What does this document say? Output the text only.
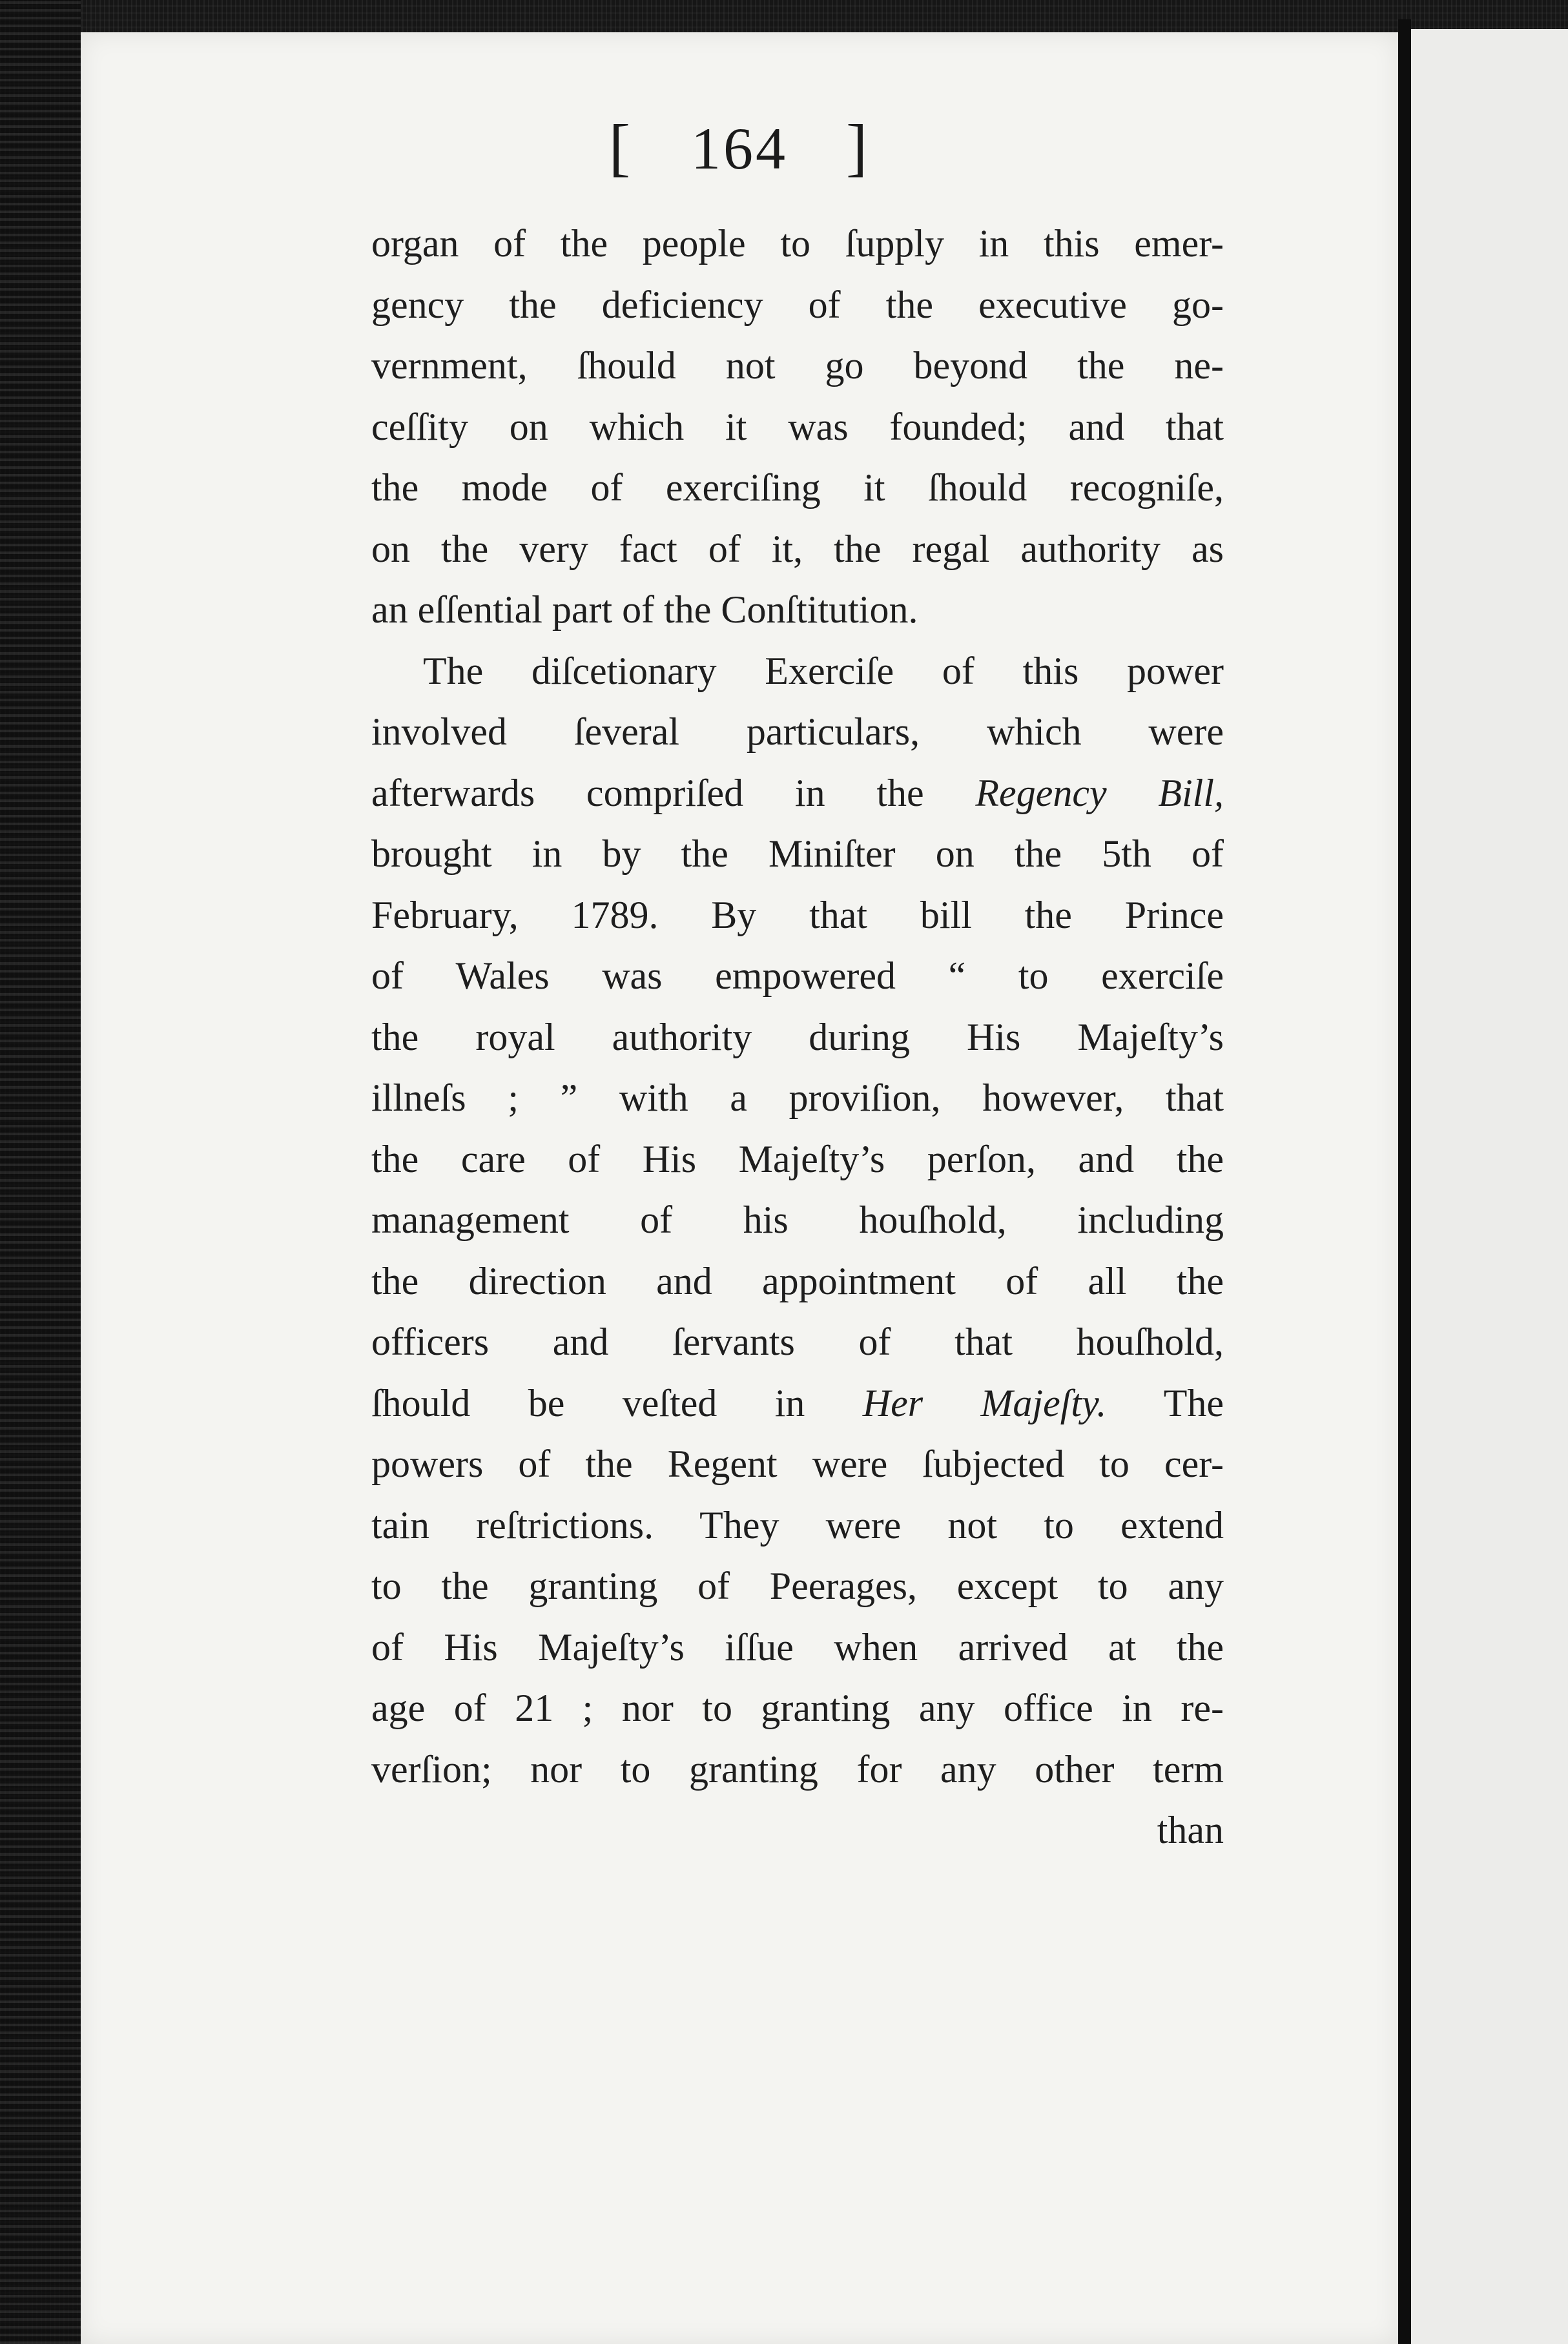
[ 164 ]
organ of the people to ſupply in this emer-
gency the deficiency of the executive go-
vernment, ſhould not go beyond the ne-
ceſſity on which it was founded; and that
the mode of exerciſing it ſhould recogniſe,
on the very fact of it, the regal authority as
an eſſential part of the Conſtitution.
The diſcetionary Exerciſe of this power
involved ſeveral particulars, which were
afterwards compriſed in the Regency Bill,
brought in by the Miniſter on the 5th of
February, 1789. By that bill the Prince
of Wales was empowered “ to exerciſe
the royal authority during His Majeſty’s
illneſs ; ” with a proviſion, however, that
the care of His Majeſty’s perſon, and the
management of his houſhold, including
the direction and appointment of all the
officers and ſervants of that houſhold,
ſhould be veſted in Her Majeſty. The
powers of the Regent were ſubjected to cer-
tain reſtrictions. They were not to extend
to the granting of Peerages, except to any
of His Majeſty’s iſſue when arrived at the
age of 21 ; nor to granting any office in re-
verſion; nor to granting for any other term
than
